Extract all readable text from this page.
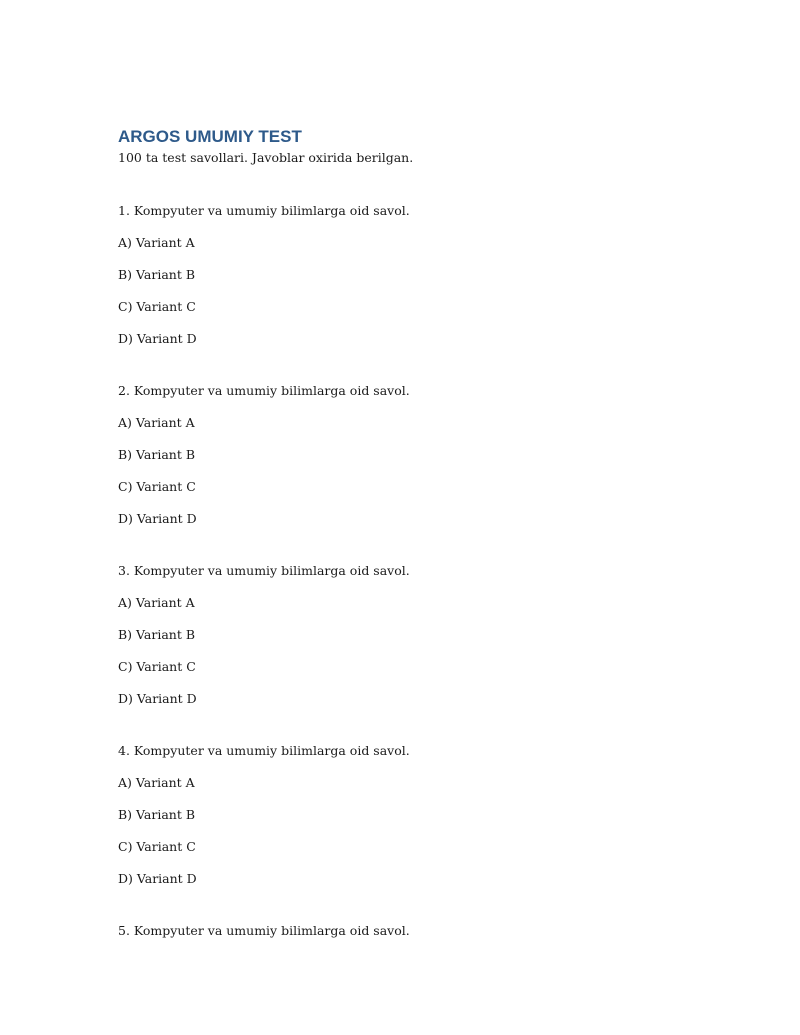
ARGOS UMUMIY TEST

100 ta test savollari. Javoblar oxirida berilgan.

1. Kompyuter va umumiy bilimlarga oid savol.

A) Variant A

B) Variant B

C) Variant C

D) Variant D

2. Kompyuter va umumiy bilimlarga oid savol.

A) Variant A

B) Variant B

C) Variant C

D) Variant D

3. Kompyuter va umumiy bilimlarga oid savol.

A) Variant A

B) Variant B

C) Variant C

D) Variant D

4. Kompyuter va umumiy bilimlarga oid savol.

A) Variant A

B) Variant B

C) Variant C

D) Variant D

5. Kompyuter va umumiy bilimlarga oid savol.
